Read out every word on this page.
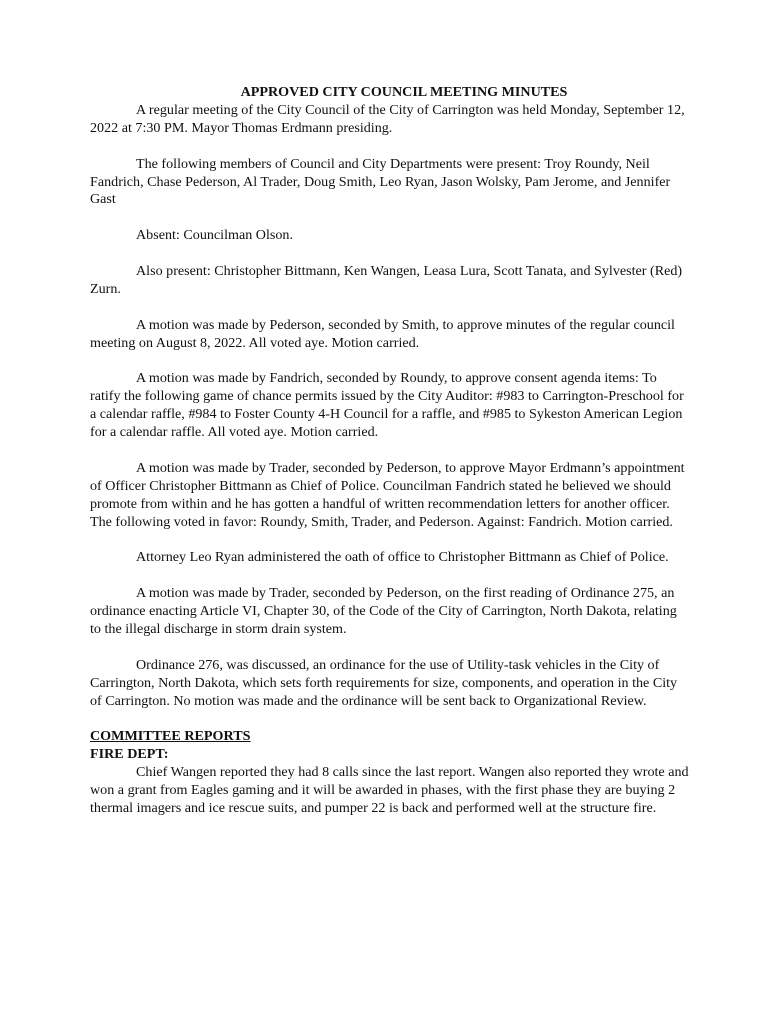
APPROVED CITY COUNCIL MEETING MINUTES

A regular meeting of the City Council of the City of Carrington was held Monday, September 12, 2022 at 7:30 PM. Mayor Thomas Erdmann presiding.

The following members of Council and City Departments were present: Troy Roundy, Neil Fandrich, Chase Pederson, Al Trader, Doug Smith, Leo Ryan, Jason Wolsky, Pam Jerome, and Jennifer Gast

Absent: Councilman Olson.

Also present: Christopher Bittmann, Ken Wangen, Leasa Lura, Scott Tanata, and Sylvester (Red) Zurn.

A motion was made by Pederson, seconded by Smith, to approve minutes of the regular council meeting on August 8, 2022. All voted aye. Motion carried.

A motion was made by Fandrich, seconded by Roundy, to approve consent agenda items: To ratify the following game of chance permits issued by the City Auditor: #983 to Carrington-Preschool for a calendar raffle, #984 to Foster County 4-H Council for a raffle, and #985 to Sykeston American Legion for a calendar raffle. All voted aye. Motion carried.

A motion was made by Trader, seconded by Pederson, to approve Mayor Erdmann’s appointment of Officer Christopher Bittmann as Chief of Police. Councilman Fandrich stated he believed we should promote from within and he has gotten a handful of written recommendation letters for another officer. The following voted in favor: Roundy, Smith, Trader, and Pederson. Against: Fandrich. Motion carried.

Attorney Leo Ryan administered the oath of office to Christopher Bittmann as Chief of Police.

A motion was made by Trader, seconded by Pederson, on the first reading of Ordinance 275, an ordinance enacting Article VI, Chapter 30, of the Code of the City of Carrington, North Dakota, relating to the illegal discharge in storm drain system.

Ordinance 276, was discussed, an ordinance for the use of Utility-task vehicles in the City of Carrington, North Dakota, which sets forth requirements for size, components, and operation in the City of Carrington. No motion was made and the ordinance will be sent back to Organizational Review.

COMMITTEE REPORTS

FIRE DEPT:

Chief Wangen reported they had 8 calls since the last report. Wangen also reported they wrote and won a grant from Eagles gaming and it will be awarded in phases, with the first phase they are buying 2 thermal imagers and ice rescue suits, and pumper 22 is back and performed well at the structure fire.
